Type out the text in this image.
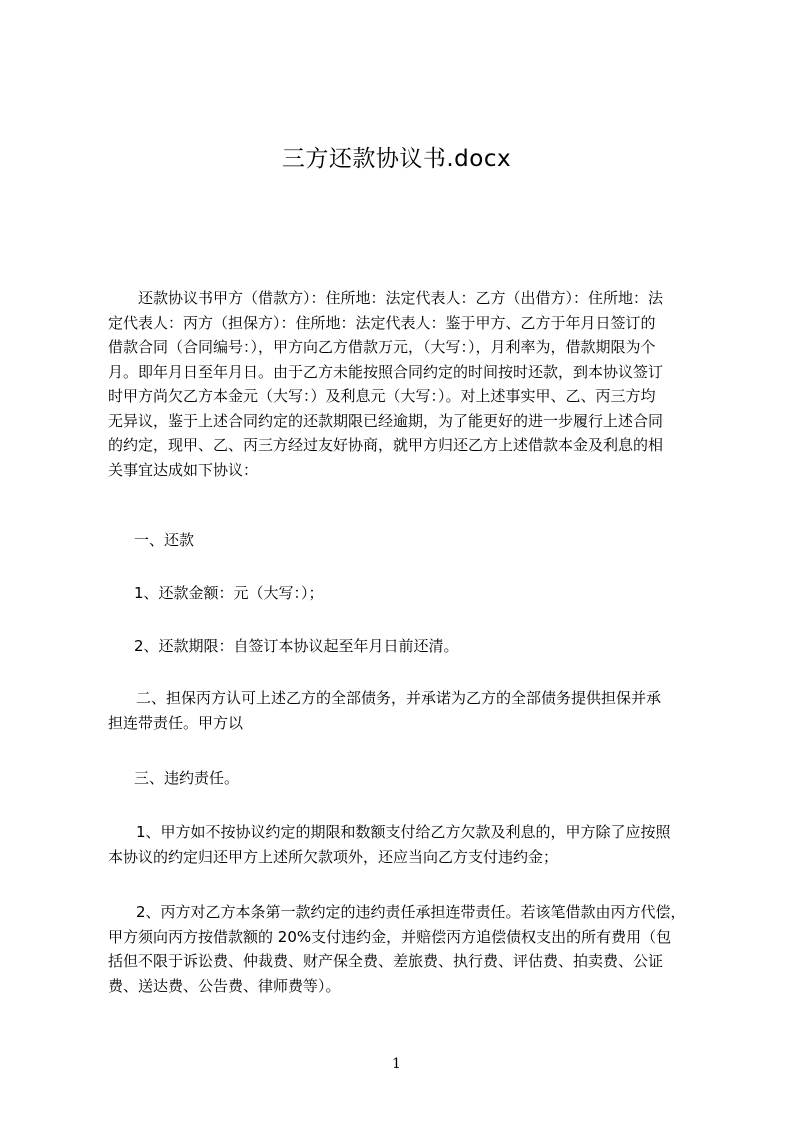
三方还款协议书.docx
还款协议书甲方（借款方）：住所地：法定代表人：乙方（出借方）：住所地：法
定代表人：丙方（担保方）：住所地：法定代表人：鉴于甲方、乙方于年月日签订的
借款合同（合同编号：），甲方向乙方借款万元，（大写：），月利率为，借款期限为个
月。即年月日至年月日。由于乙方未能按照合同约定的时间按时还款，到本协议签订
时甲方尚欠乙方本金元（大写：）及利息元（大写：）。对上述事实甲、乙、丙三方均
无异议，鉴于上述合同约定的还款期限已经逾期，为了能更好的进一步履行上述合同
的约定，现甲、乙、丙三方经过友好协商，就甲方归还乙方上述借款本金及利息的相
关事宜达成如下协议：
一、还款
1、还款金额：元（大写：）；
2、还款期限：自签订本协议起至年月日前还清。
二、担保丙方认可上述乙方的全部债务，并承诺为乙方的全部债务提供担保并承
担连带责任。甲方以
三、违约责任。
1、甲方如不按协议约定的期限和数额支付给乙方欠款及利息的，甲方除了应按照
本协议的约定归还甲方上述所欠款项外，还应当向乙方支付违约金；
2、丙方对乙方本条第一款约定的违约责任承担连带责任。若该笔借款由丙方代偿，
甲方须向丙方按借款额的 20%支付违约金，并赔偿丙方追偿债权支出的所有费用（包
括但不限于诉讼费、仲裁费、财产保全费、差旅费、执行费、评估费、拍卖费、公证
费、送达费、公告费、律师费等）。
1
